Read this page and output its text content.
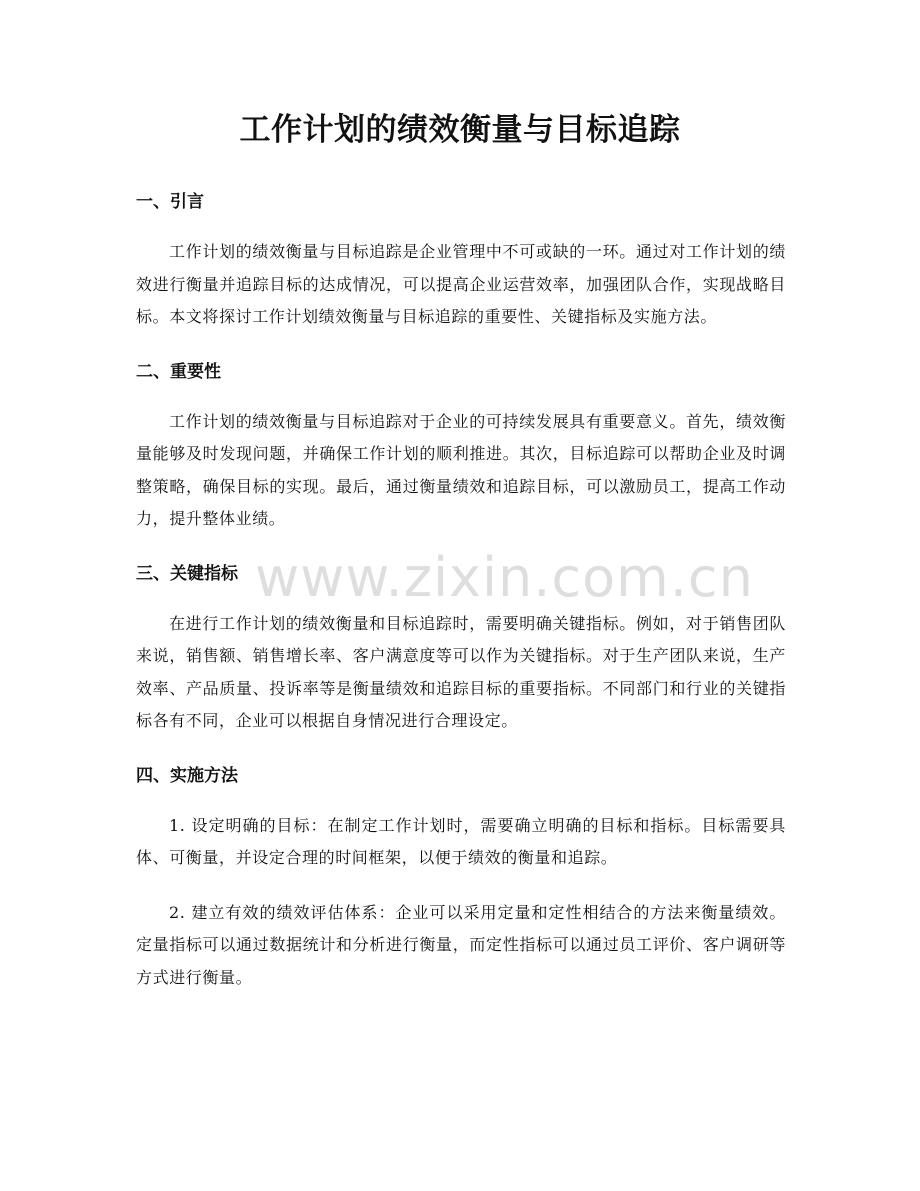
工作计划的绩效衡量与目标追踪
一、引言

工作计划的绩效衡量与目标追踪是企业管理中不可或缺的一环。通过对工作计划的绩效进行衡量并追踪目标的达成情况，可以提高企业运营效率，加强团队合作，实现战略目标。本文将探讨工作计划绩效衡量与目标追踪的重要性、关键指标及实施方法。

二、重要性

工作计划的绩效衡量与目标追踪对于企业的可持续发展具有重要意义。首先，绩效衡量能够及时发现问题，并确保工作计划的顺利推进。其次，目标追踪可以帮助企业及时调整策略，确保目标的实现。最后，通过衡量绩效和追踪目标，可以激励员工，提高工作动力，提升整体业绩。

三、关键指标

在进行工作计划的绩效衡量和目标追踪时，需要明确关键指标。例如，对于销售团队来说，销售额、销售增长率、客户满意度等可以作为关键指标。对于生产团队来说，生产效率、产品质量、投诉率等是衡量绩效和追踪目标的重要指标。不同部门和行业的关键指标各有不同，企业可以根据自身情况进行合理设定。

四、实施方法

1. 设定明确的目标：在制定工作计划时，需要确立明确的目标和指标。目标需要具体、可衡量，并设定合理的时间框架，以便于绩效的衡量和追踪。

2. 建立有效的绩效评估体系：企业可以采用定量和定性相结合的方法来衡量绩效。定量指标可以通过数据统计和分析进行衡量，而定性指标可以通过员工评价、客户调研等方式进行衡量。

www.zixin.com.cn
